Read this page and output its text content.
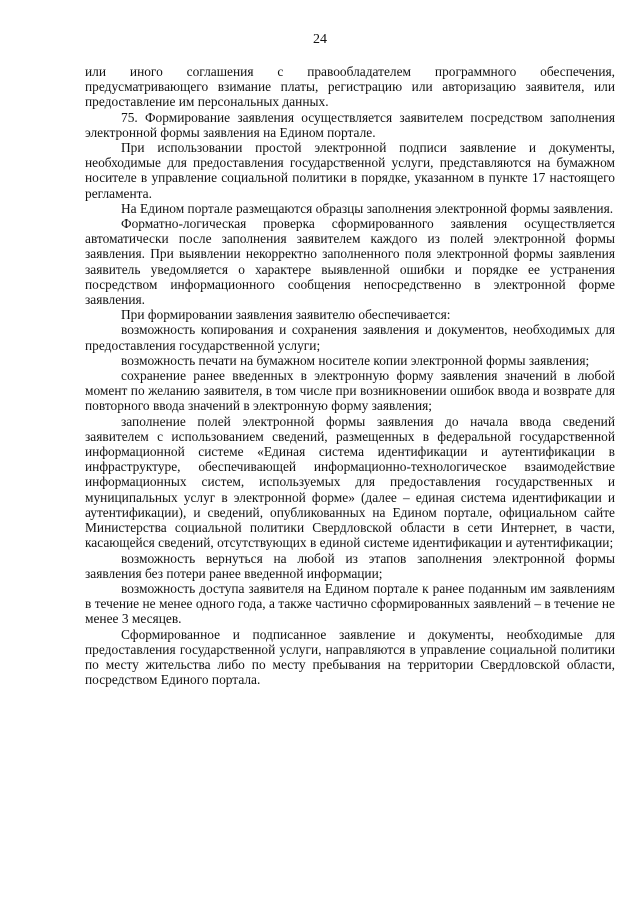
24

или иного соглашения с правообладателем программного обеспечения, предусматривающего взимание платы, регистрацию или авторизацию заявителя, или предоставление им персональных данных.

75. Формирование заявления осуществляется заявителем посредством заполнения электронной формы заявления на Едином портале.

При использовании простой электронной подписи заявление и документы, необходимые для предоставления государственной услуги, представляются на бумажном носителе в управление социальной политики в порядке, указанном в пункте 17 настоящего регламента.

На Едином портале размещаются образцы заполнения электронной формы заявления.

Форматно-логическая проверка сформированного заявления осуществляется автоматически после заполнения заявителем каждого из полей электронной формы заявления. При выявлении некорректно заполненного поля электронной формы заявления заявитель уведомляется о характере выявленной ошибки и порядке ее устранения посредством информационного сообщения непосредственно в электронной форме заявления.

При формировании заявления заявителю обеспечивается:

возможность копирования и сохранения заявления и документов, необходимых для предоставления государственной услуги;

возможность печати на бумажном носителе копии электронной формы заявления;

сохранение ранее введенных в электронную форму заявления значений в любой момент по желанию заявителя, в том числе при возникновении ошибок ввода и возврате для повторного ввода значений в электронную форму заявления;

заполнение полей электронной формы заявления до начала ввода сведений заявителем с использованием сведений, размещенных в федеральной государственной информационной системе «Единая система идентификации и аутентификации в инфраструктуре, обеспечивающей информационно-технологическое взаимодействие информационных систем, используемых для предоставления государственных и муниципальных услуг в электронной форме» (далее – единая система идентификации и аутентификации), и сведений, опубликованных на Едином портале, официальном сайте Министерства социальной политики Свердловской области в сети Интернет, в части, касающейся сведений, отсутствующих в единой системе идентификации и аутентификации;

возможность вернуться на любой из этапов заполнения электронной формы заявления без потери ранее введенной информации;

возможность доступа заявителя на Едином портале к ранее поданным им заявлениям в течение не менее одного года, а также частично сформированных заявлений – в течение не менее 3 месяцев.

Сформированное и подписанное заявление и документы, необходимые для предоставления государственной услуги, направляются в управление социальной политики по месту жительства либо по месту пребывания на территории Свердловской области, посредством Единого портала.
